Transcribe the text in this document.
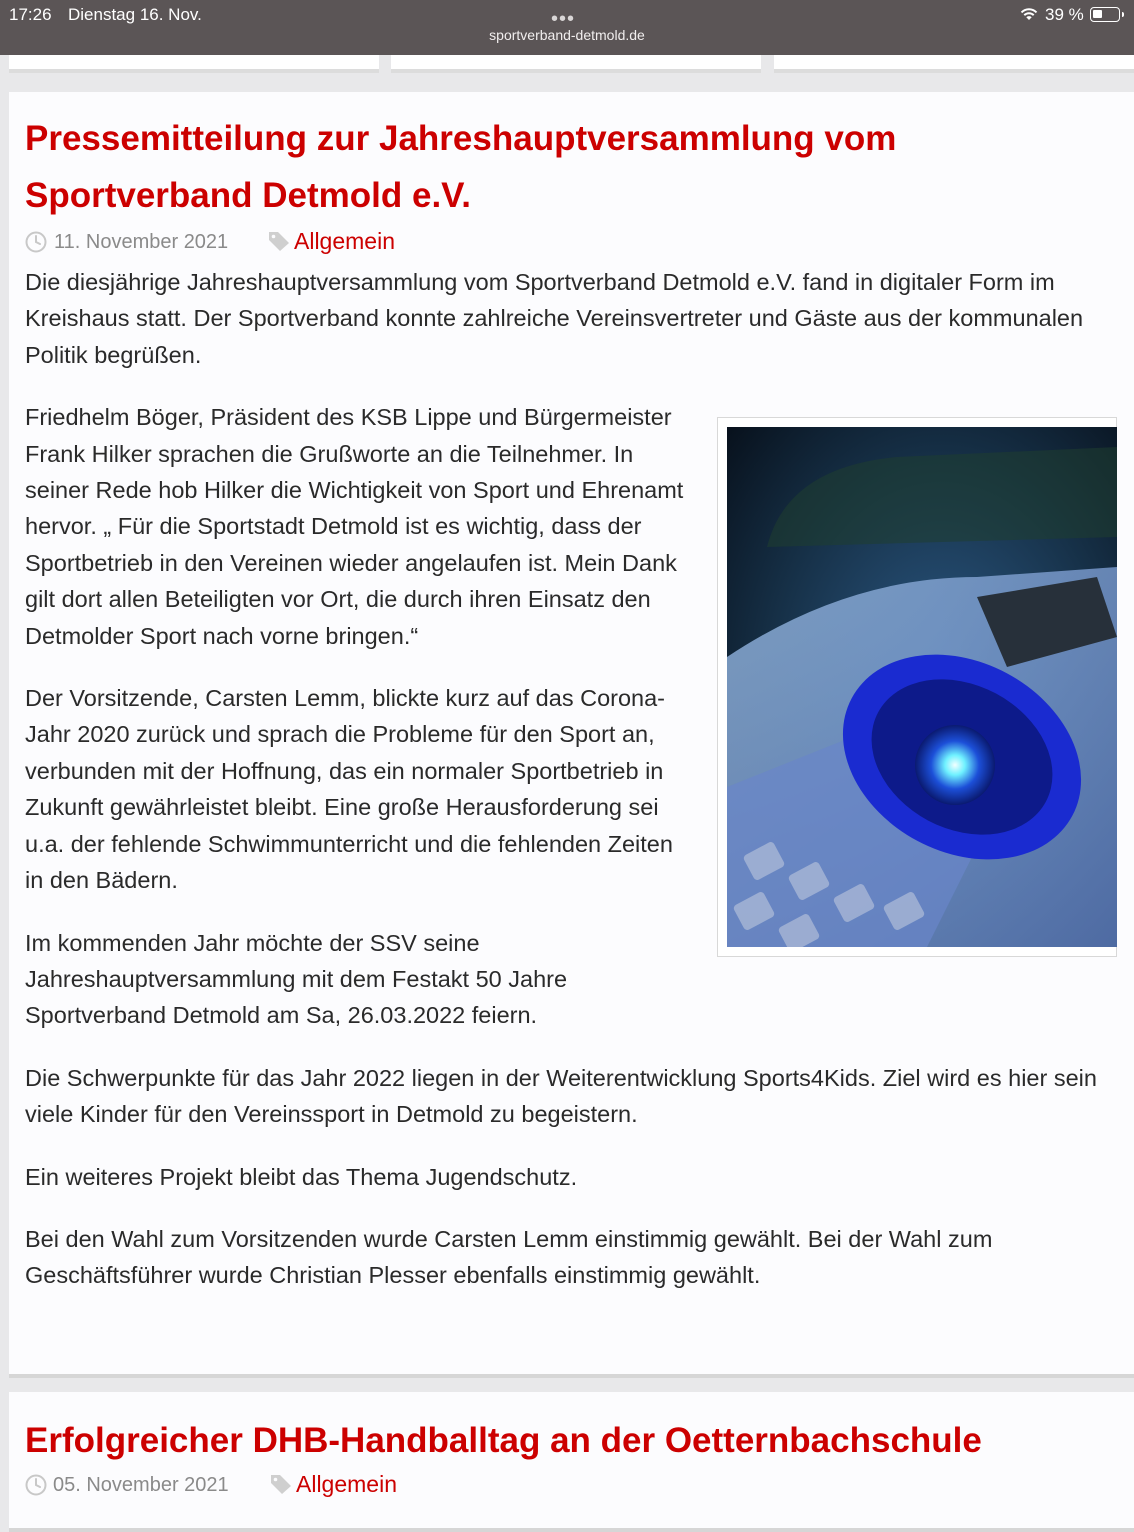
17:26 Dienstag 16. Nov.	•••
sportverband-detmold.de
39 %
Pressemitteilung zur Jahreshauptversammlung vom Sportverband Detmold e.V.
11. November 2021	Allgemein

Die diesjährige Jahreshauptversammlung vom Sportverband Detmold e.V. fand in digitaler Form im Kreishaus statt. Der Sportverband konnte zahlreiche Vereinsvertreter und Gäste aus der kommunalen Politik begrüßen.

Friedhelm Böger, Präsident des KSB Lippe und Bürgermeister Frank Hilker sprachen die Grußworte an die Teilnehmer. In seiner Rede hob Hilker die Wichtigkeit von Sport und Ehrenamt hervor. „ Für die Sportstadt Detmold ist es wichtig, dass der Sportbetrieb in den Vereinen wieder angelaufen ist. Mein Dank gilt dort allen Beteiligten vor Ort, die durch ihren Einsatz den Detmolder Sport nach vorne bringen.“

Der Vorsitzende, Carsten Lemm, blickte kurz auf das Corona-Jahr 2020 zurück und sprach die Probleme für den Sport an, verbunden mit der Hoffnung, das ein normaler Sportbetrieb in Zukunft gewährleistet bleibt. Eine große Herausforderung sei u.a. der fehlende Schwimmunterricht und die fehlenden Zeiten in den Bädern.

Im kommenden Jahr möchte der SSV seine Jahreshauptversammlung mit dem Festakt 50 Jahre Sportverband Detmold am Sa, 26.03.2022 feiern.

Die Schwerpunkte für das Jahr 2022 liegen in der Weiterentwicklung Sports4Kids. Ziel wird es hier sein viele Kinder für den Vereinssport in Detmold zu begeistern.

Ein weiteres Projekt bleibt das Thema Jugendschutz.

Bei den Wahl zum Vorsitzenden wurde Carsten Lemm einstimmig gewählt. Bei der Wahl zum Geschäftsführer wurde Christian Plesser ebenfalls einstimmig gewählt.

Erfolgreicher DHB-Handballtag an der Oetternbachschule
05. November 2021	Allgemein
